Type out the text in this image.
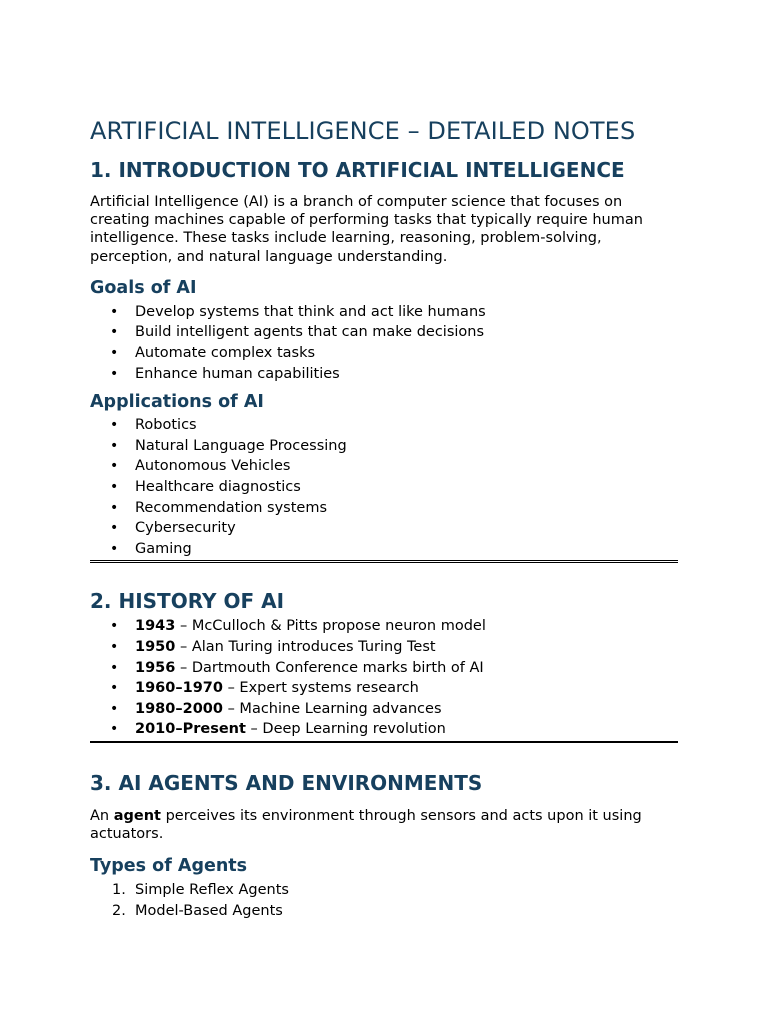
ARTIFICIAL INTELLIGENCE – DETAILED NOTES
1. INTRODUCTION TO ARTIFICIAL INTELLIGENCE

Artificial Intelligence (AI) is a branch of computer science that focuses on creating machines capable of performing tasks that typically require human intelligence. These tasks include learning, reasoning, problem-solving, perception, and natural language understanding.

Goals of AI
• Develop systems that think and act like humans
• Build intelligent agents that can make decisions
• Automate complex tasks
• Enhance human capabilities
Applications of AI
• Robotics
• Natural Language Processing
• Autonomous Vehicles
• Healthcare diagnostics
• Recommendation systems
• Cybersecurity
• Gaming
2. HISTORY OF AI
• 1943 – McCulloch & Pitts propose neuron model
• 1950 – Alan Turing introduces Turing Test
• 1956 – Dartmouth Conference marks birth of AI
• 1960–1970 – Expert systems research
• 1980–2000 – Machine Learning advances
• 2010–Present – Deep Learning revolution
3. AI AGENTS AND ENVIRONMENTS

An agent perceives its environment through sensors and acts upon it using actuators.

Types of Agents
1. Simple Reflex Agents
2. Model-Based Agents
